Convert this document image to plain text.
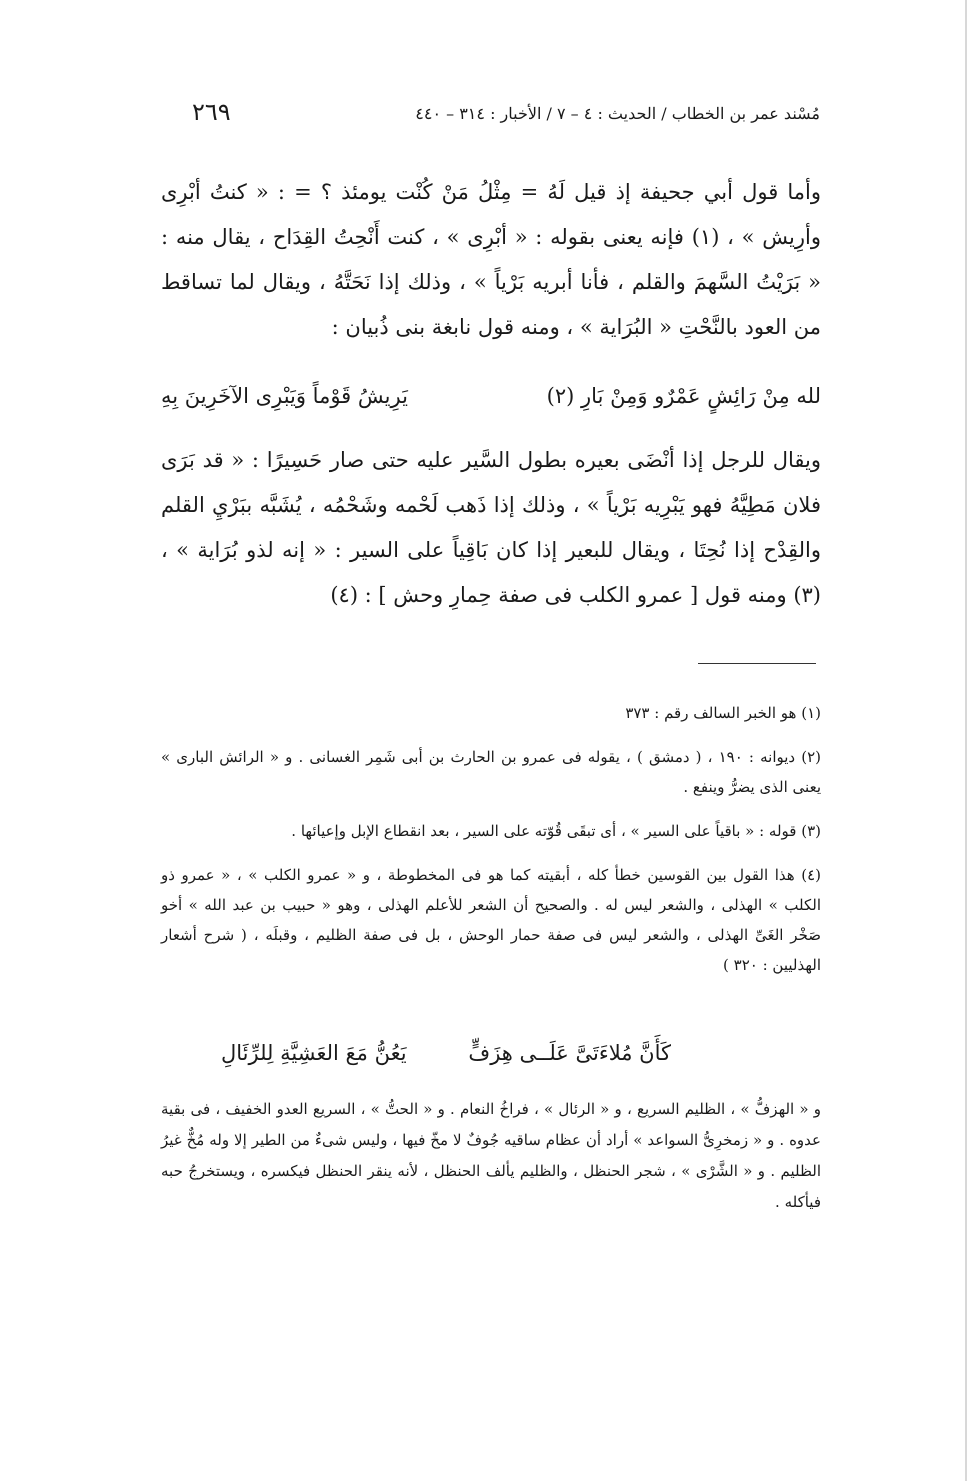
مُسْند عمر بن الخطاب / الحديث : ٤ – ٧ / الأخبار : ٣١٤ – ٤٤٠
٢٦٩

وأما قول أبي جحيفة إذ قيل لَهُ = مِثْلُ مَنْ كُنْت يومئذ ؟ = : « كنتُ أبْرِى وأرِيش » ، (١) فإنه يعنى بقوله : « أبْرِى » ، كنت أَنْحِتُ القِدَاح ، يقال منه : « بَرَيْتُ السَّهمَ والقلم ، فأنا أبريه بَرْياً » ، وذلك إذا نَحَتَّهُ ، ويقال لما تساقط من العود بالنَّحْتِ « البُرَاية » ، ومنه قول نابغة بنى ذُبيان :

لله مِنْ رَائِشٍ عَمْرٌو وَمِنْ بَارِ (٢)
يَرِيشُ قَوْماً وَيَبْرِى الآخَرِينَ بِهِ

ويقال للرجل إذا أنْضَى بعيره بطول السَّير عليه حتى صار حَسِيرًا : « قد بَرَى فلان مَطِيَّهُ فهو يَبْرِيه بَرْياً » ، وذلك إذا ذَهب لَحْمه وشَحْمُه ، يُشَبَّه ببَرْيِ القلم والقِدْح إذا نُحِتَا ، ويقال للبعير إذا كان بَاقِياً على السير : « إنه لذو بُرَاية » ، (٣) ومنه قول [ عمرو الكلب فى صفة حِمارِ وحش ] : (٤)

(١) هو الخبر السالف رقم : ٣٧٣

(٢) ديوانه : ١٩٠ ، ( دمشق ) ، يقوله فى عمرو بن الحارث بن أبى شَمِر الغسانى . و « الرائش البارى » يعنى الذى يضرُّ وينفع .

(٣) قوله : « باقياً على السير » ، أى تبقَى قُوّته على السير ، بعد انقطاع الإبل وإعيائها .

(٤) هذا القول بين القوسين خطأ كله ، أبقيته كما هو فى المخطوطة ، و « عمرو الكلب » ، « عمرو ذو الكلب » الهذلى ، والشعر ليس له . والصحيح أن الشعر للأعلم الهذلى ، وهو « حبيب بن عبد الله » أخو صَخْر الغَىِّ الهذلى ، والشعر ليس فى صفة حمار الوحش ، بل فى صفة الظليم ، وقبلَه ، ( شرح أشعار الهذليين : ٣٢٠ )

كَأَنَّ مُلاءَتَىَّ عَلَــى هِزَفٍّ
يَعُنُّ مَعَ العَشِيَّةِ لِلرِّئَالِ

و « الهزفُّ » ، الظليم السريع ، و « الرئال » ، فراخُ النعام . و « الحتُّ » ، السريع العدو الخفيف ، فى بقية عدوه . و « زمخرِىُّ السواعد » أراد أن عظام ساقيه جُوفٌ لا مخّ فيها ، وليس شىءٌ من الطير إلا وله مُخٌّ غيرُ الظليم . و « الشَّرْى » ، شجر الحنظل ، والظليم يألف الحنظل ، لأنه ينقر الحنظل فيكسره ، ويستخرجُ حبه فيأكله .
